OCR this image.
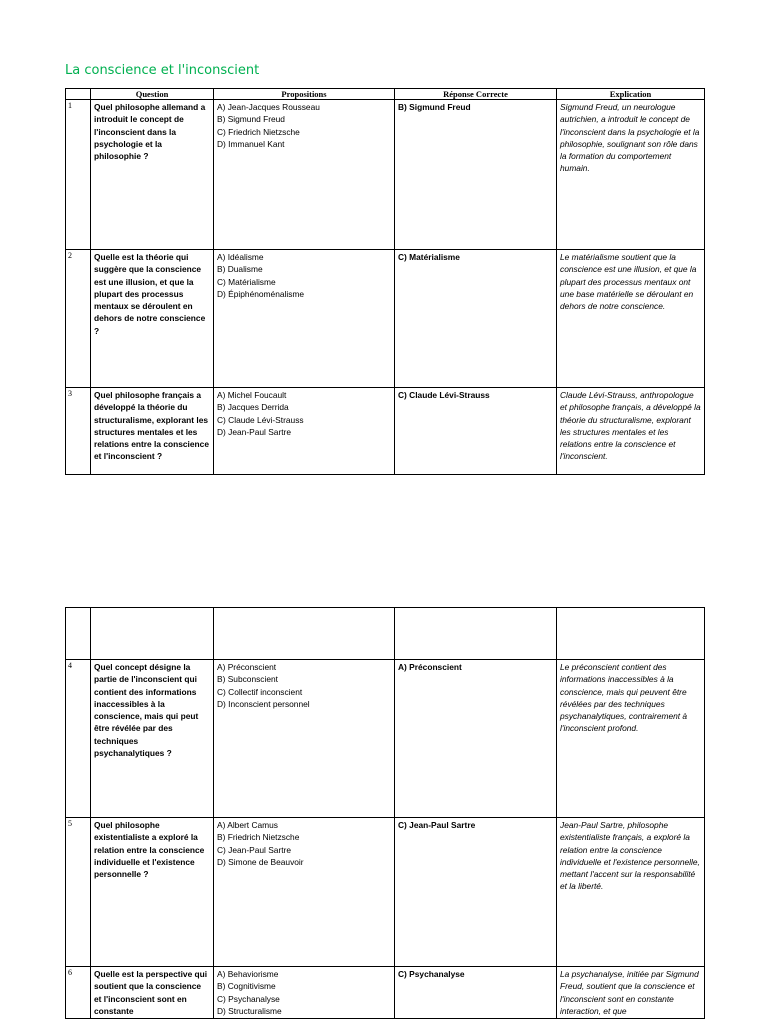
La conscience et l'inconscient
	Question	Propositions	Réponse Correcte	Explication
1	Quel philosophe allemand a introduit le concept de l'inconscient dans la psychologie et la philosophie ?	A) Jean-Jacques Rousseau
B) Sigmund Freud
C) Friedrich Nietzsche
D) Immanuel Kant	B) Sigmund Freud	Sigmund Freud, un neurologue autrichien, a introduit le concept de l'inconscient dans la psychologie et la philosophie, soulignant son rôle dans la formation du comportement humain.
2	Quelle est la théorie qui suggère que la conscience est une illusion, et que la plupart des processus mentaux se déroulent en dehors de notre conscience ?	A) Idéalisme
B) Dualisme
C) Matérialisme
D) Épiphénoménalisme	C) Matérialisme	Le matérialisme soutient que la conscience est une illusion, et que la plupart des processus mentaux ont une base matérielle se déroulant en dehors de notre conscience.
3	Quel philosophe français a développé la théorie du structuralisme, explorant les structures mentales et les relations entre la conscience et l'inconscient ?	A) Michel Foucault
B) Jacques Derrida
C) Claude Lévi-Strauss
D) Jean-Paul Sartre	C) Claude Lévi-Strauss	Claude Lévi-Strauss, anthropologue et philosophe français, a développé la théorie du structuralisme, explorant les structures mentales et les relations entre la conscience et l'inconscient.

4	Quel concept désigne la partie de l'inconscient qui contient des informations inaccessibles à la conscience, mais qui peut être révélée par des techniques psychanalytiques ?	A) Préconscient
B) Subconscient
C) Collectif inconscient
D) Inconscient personnel	A) Préconscient	Le préconscient contient des informations inaccessibles à la conscience, mais qui peuvent être révélées par des techniques psychanalytiques, contrairement à l'inconscient profond.
5	Quel philosophe existentialiste a exploré la relation entre la conscience individuelle et l'existence personnelle ?	A) Albert Camus
B) Friedrich Nietzsche
C) Jean-Paul Sartre
D) Simone de Beauvoir	C) Jean-Paul Sartre	Jean-Paul Sartre, philosophe existentialiste français, a exploré la relation entre la conscience individuelle et l'existence personnelle, mettant l'accent sur la responsabilité et la liberté.
6	Quelle est la perspective qui soutient que la conscience et l'inconscient sont en constante	A) Behaviorisme
B) Cognitivisme
C) Psychanalyse
D) Structuralisme	C) Psychanalyse	La psychanalyse, initiée par Sigmund Freud, soutient que la conscience et l'inconscient sont en constante interaction, et que
